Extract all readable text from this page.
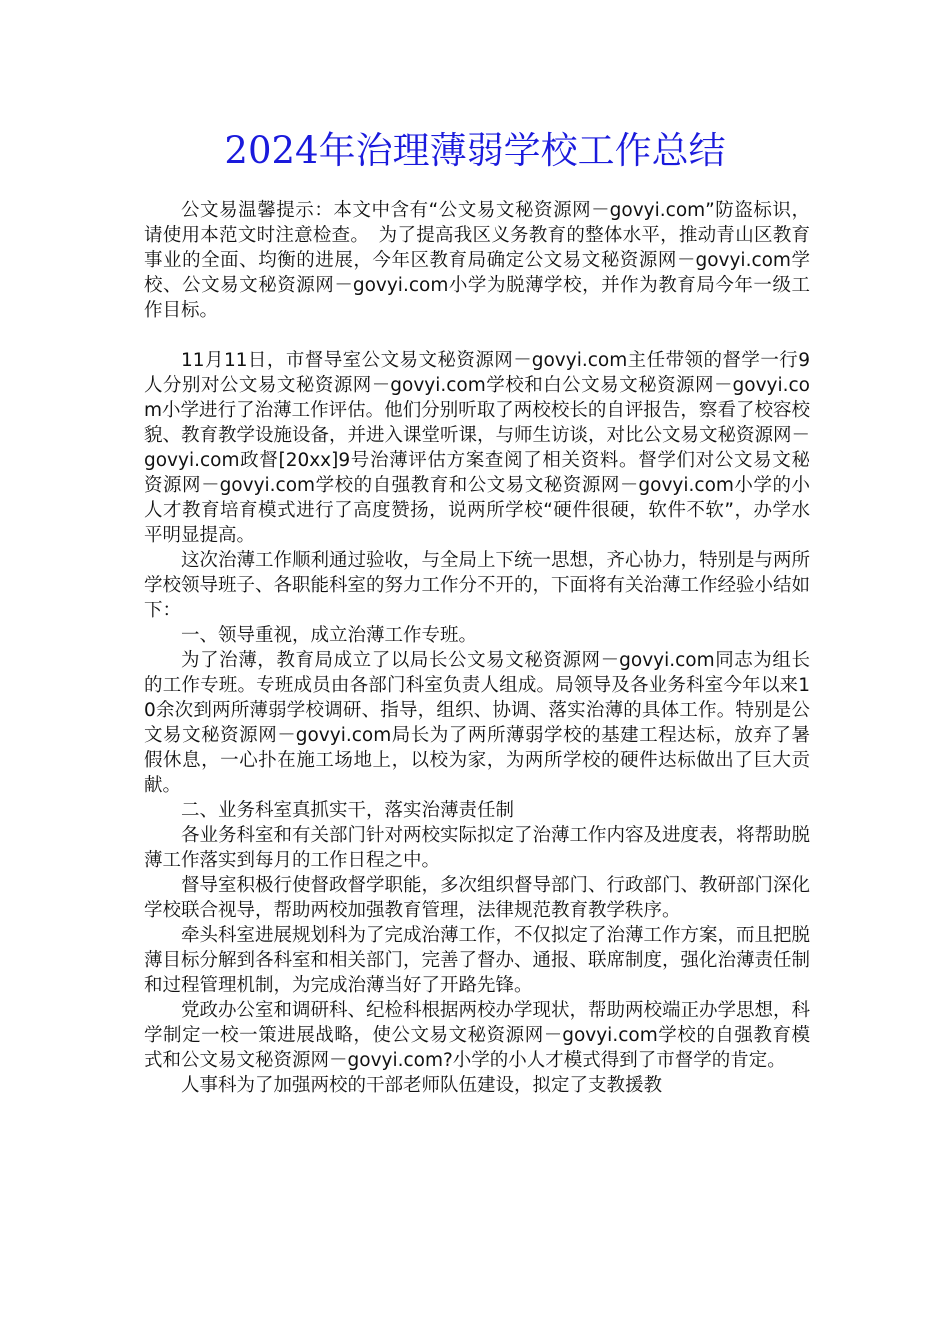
2024年治理薄弱学校工作总结

公文易温馨提示：本文中含有“公文易文秘资源网－govyi.com”防盗标识，请使用本范文时注意检查。　为了提高我区义务教育的整体水平，推动青山区教育事业的全面、均衡的进展，今年区教育局确定公文易文秘资源网－govyi.com学校、公文易文秘资源网－govyi.com小学为脱薄学校，并作为教育局今年一级工作目标。

11月11日，市督导室公文易文秘资源网－govyi.com主任带领的督学一行9人分别对公文易文秘资源网－govyi.com学校和白公文易文秘资源网－govyi.com小学进行了治薄工作评估。他们分别听取了两校校长的自评报告，察看了校容校貌、教育教学设施设备，并进入课堂听课，与师生访谈，对比公文易文秘资源网－govyi.com政督[20xx]9号治薄评估方案查阅了相关资料。督学们对公文易文秘资源网－govyi.com学校的自强教育和公文易文秘资源网－govyi.com小学的小人才教育培育模式进行了高度赞扬，说两所学校“硬件很硬，软件不软”，办学水平明显提高。

这次治薄工作顺利通过验收，与全局上下统一思想，齐心协力，特别是与两所学校领导班子、各职能科室的努力工作分不开的，下面将有关治薄工作经验小结如下：

一、领导重视，成立治薄工作专班。

为了治薄，教育局成立了以局长公文易文秘资源网－govyi.com同志为组长的工作专班。专班成员由各部门科室负责人组成。局领导及各业务科室今年以来10余次到两所薄弱学校调研、指导，组织、协调、落实治薄的具体工作。特别是公文易文秘资源网－govyi.com局长为了两所薄弱学校的基建工程达标，放弃了暑假休息，一心扑在施工场地上，以校为家，为两所学校的硬件达标做出了巨大贡献。

二、业务科室真抓实干，落实治薄责任制

各业务科室和有关部门针对两校实际拟定了治薄工作内容及进度表，将帮助脱薄工作落实到每月的工作日程之中。

督导室积极行使督政督学职能，多次组织督导部门、行政部门、教研部门深化学校联合视导，帮助两校加强教育管理，法律规范教育教学秩序。

牵头科室进展规划科为了完成治薄工作，不仅拟定了治薄工作方案，而且把脱薄目标分解到各科室和相关部门，完善了督办、通报、联席制度，强化治薄责任制和过程管理机制，为完成治薄当好了开路先锋。

党政办公室和调研科、纪检科根据两校办学现状，帮助两校端正办学思想，科学制定一校一策进展战略，使公文易文秘资源网－govyi.com学校的自强教育模式和公文易文秘资源网－govyi.com?小学的小人才模式得到了市督学的肯定。

人事科为了加强两校的干部老师队伍建设，拟定了支教援教
